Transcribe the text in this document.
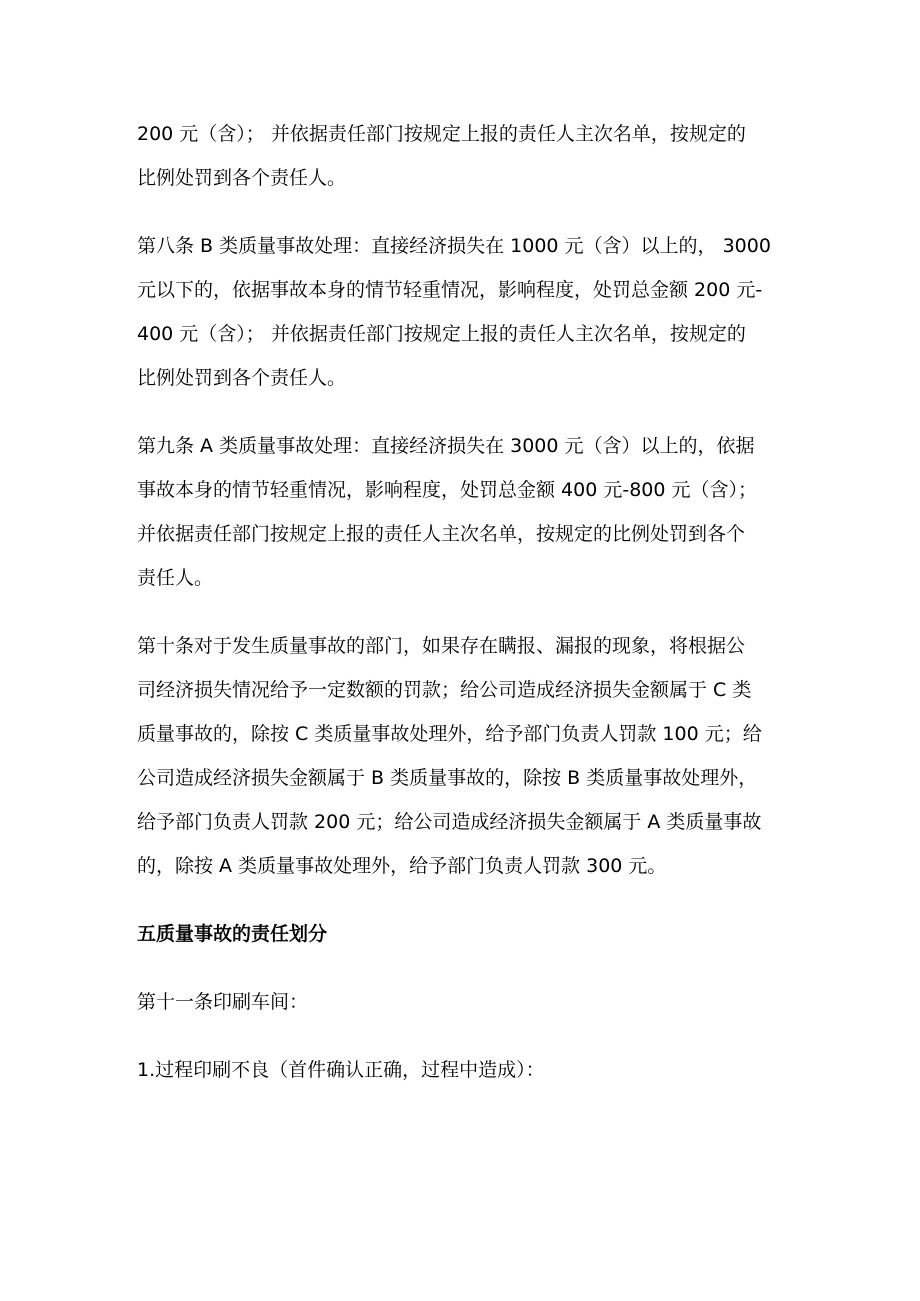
200 元（含）； 并依据责任部门按规定上报的责任人主次名单，按规定的
比例处罚到各个责任人。
第八条 B 类质量事故处理：直接经济损失在 1000 元（含）以上的， 3000
元以下的，依据事故本身的情节轻重情况，影响程度，处罚总金额 200 元-
400 元（含）； 并依据责任部门按规定上报的责任人主次名单，按规定的
比例处罚到各个责任人。
第九条 A 类质量事故处理：直接经济损失在 3000 元（含）以上的，依据
事故本身的情节轻重情况，影响程度，处罚总金额 400 元-800 元（含）；
并依据责任部门按规定上报的责任人主次名单，按规定的比例处罚到各个
责任人。
第十条对于发生质量事故的部门，如果存在瞒报、漏报的现象，将根据公
司经济损失情况给予一定数额的罚款；给公司造成经济损失金额属于 C 类
质量事故的，除按 C 类质量事故处理外，给予部门负责人罚款 100 元；给
公司造成经济损失金额属于 B 类质量事故的，除按 B 类质量事故处理外，
给予部门负责人罚款 200 元；给公司造成经济损失金额属于 A 类质量事故
的，除按 A 类质量事故处理外，给予部门负责人罚款 300 元。
五质量事故的责任划分
第十一条印刷车间：
1.过程印刷不良（首件确认正确，过程中造成）：
